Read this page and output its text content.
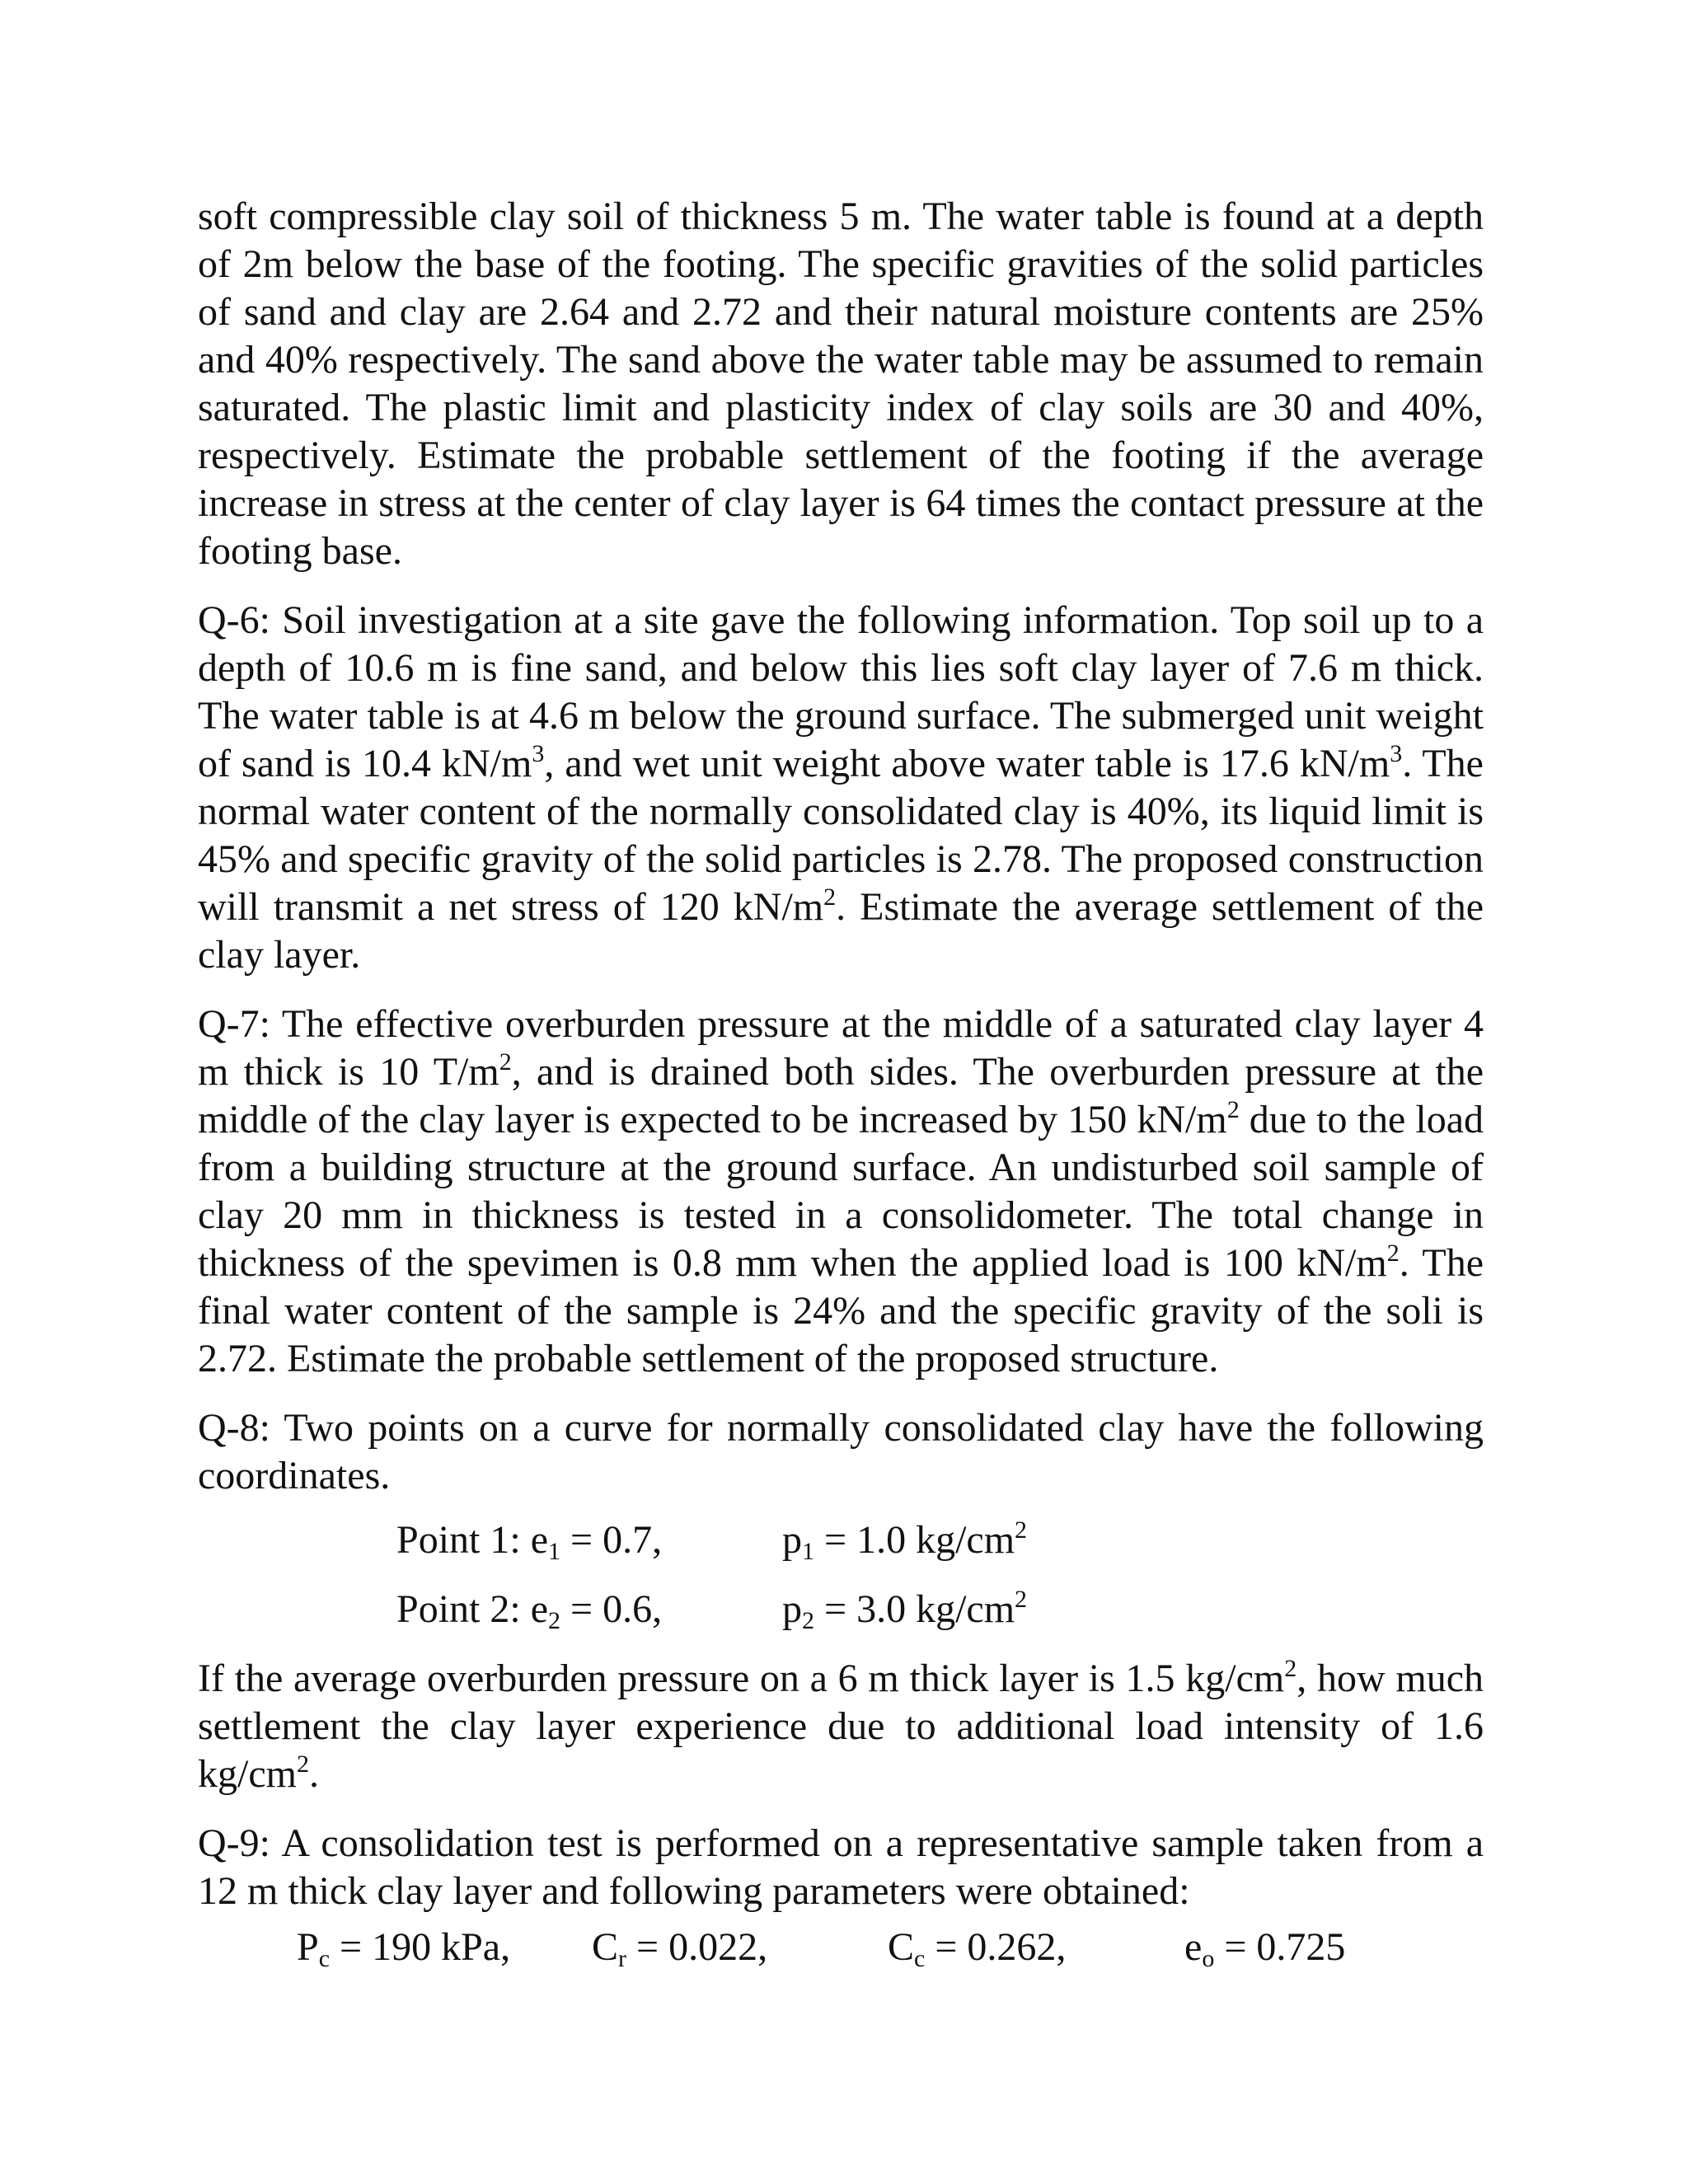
soft compressible clay soil of thickness 5 m. The water table is found at a depth of 2m below the base of the footing. The specific gravities of the solid particles of sand and clay are 2.64 and 2.72 and their natural moisture contents are 25% and 40% respectively. The sand above the water table may be assumed to remain saturated. The plastic limit and plasticity index of clay soils are 30 and 40%, respectively. Estimate the probable settlement of the footing if the average increase in stress at the center of clay layer is 64 times the contact pressure at the footing base.

Q-6: Soil investigation at a site gave the following information. Top soil up to a depth of 10.6 m is fine sand, and below this lies soft clay layer of 7.6 m thick. The water table is at 4.6 m below the ground surface. The submerged unit weight of sand is 10.4 $kN/m^3$, and wet unit weight above water table is 17.6 $kN/m^3$. The normal water content of the normally consolidated clay is 40%, its liquid limit is 45% and specific gravity of the solid particles is 2.78. The proposed construction will transmit a net stress of 120 $kN/m^2$. Estimate the average settlement of the clay layer.

Q-7: The effective overburden pressure at the middle of a saturated clay layer 4 m thick is 10 $T/m^2$, and is drained both sides. The overburden pressure at the middle of the clay layer is expected to be increased by 150 $kN/m^2$ due to the load from a building structure at the ground surface. An undisturbed soil sample of clay 20 mm in thickness is tested in a consolidometer. The total change in thickness of the spevimen is 0.8 mm when the applied load is 100 $kN/m^2$. The final water content of the sample is 24% and the specific gravity of the soli is 2.72. Estimate the probable settlement of the proposed structure.

Q-8: Two points on a curve for normally consolidated clay have the following coordinates.

Point 1: $e_1 = 0.7$,	$p_1 = 1.0$ $kg/cm^2$
Point 2: $e_2 = 0.6$,	$p_2 = 3.0$ $kg/cm^2$

If the average overburden pressure on a 6 m thick layer is 1.5 $kg/cm^2$, how much settlement the clay layer experience due to additional load intensity of 1.6 $kg/cm^2$.

Q-9: A consolidation test is performed on a representative sample taken from a 12 m thick clay layer and following parameters were obtained:

$P_c = 190$ kPa, $C_r = 0.022$,	$C_c = 0.262$,	$e_o = 0.725$
